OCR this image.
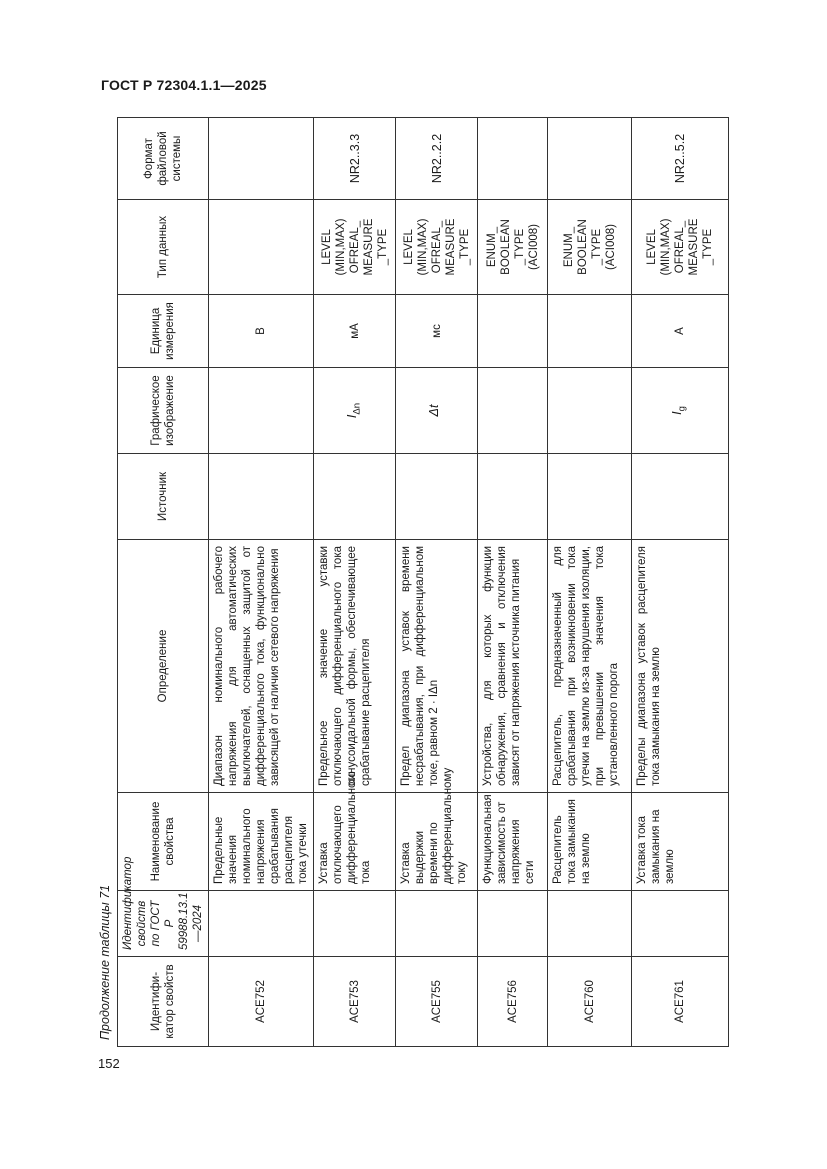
ГОСТ Р 72304.1.1—2025
Продолжение таблицы 71
152
Идентифи-катор свойств	Идентификатор свойств по ГОСТ Р 59988.13.1—2024	Наименование свойства	Определение	Источник	Графическое изображение	Единица измерения	Тип данных	Формат файловой системы
ACE752		Предельные значения номинального напряжения срабатывания расцепителя тока утечки	Диапазон номинального рабочего напряжения для автоматических выключателей, оснащенных защитой от дифференциального тока, функционально зависящей от наличия сетевого напряжения			В		
ACE753		Уставка отключающего дифференциального тока	Предельное значение уставки отключающего дифференциального тока синусоидальной формы, обеспечивающее срабатывание расцепителя		$I_{\Delta n}$	мА	LEVEL (MIN,MAX) OFREAL_ MEASURE _TYPE	NR2..3.3
ACE755		Уставка выдержки времени по дифференциальному току	Предел диапазона уставок времени несрабатывания, при дифференциальном токе, равном 2 · IΔn		Δt	мс	LEVEL (MIN,MAX) OFREAL_ MEASURE _TYPE	NR2..2.2
ACE756		Функциональная зависимость от напряжения сети	Устройства, для которых функции обнаружения, сравнения и отключения зависят от напряжения источника питания				ENUM_ BOOLEAN _TYPE (ACI008)	
ACE760		Расцепитель тока замыкания на землю	Расцепитель, предназначенный для срабатывания при возникновении тока утечки на землю из-за нарушения изоляции, при превышении значения тока установленного порога				ENUM_ BOOLEAN _TYPE (ACI008)	
ACE761		Уставка тока замыкания на землю	Пределы диапазона уставок расцепителя тока замыкания на землю		$I_g$	А	LEVEL (MIN,MAX) OFREAL_ MEASURE _TYPE	NR2..5.2
